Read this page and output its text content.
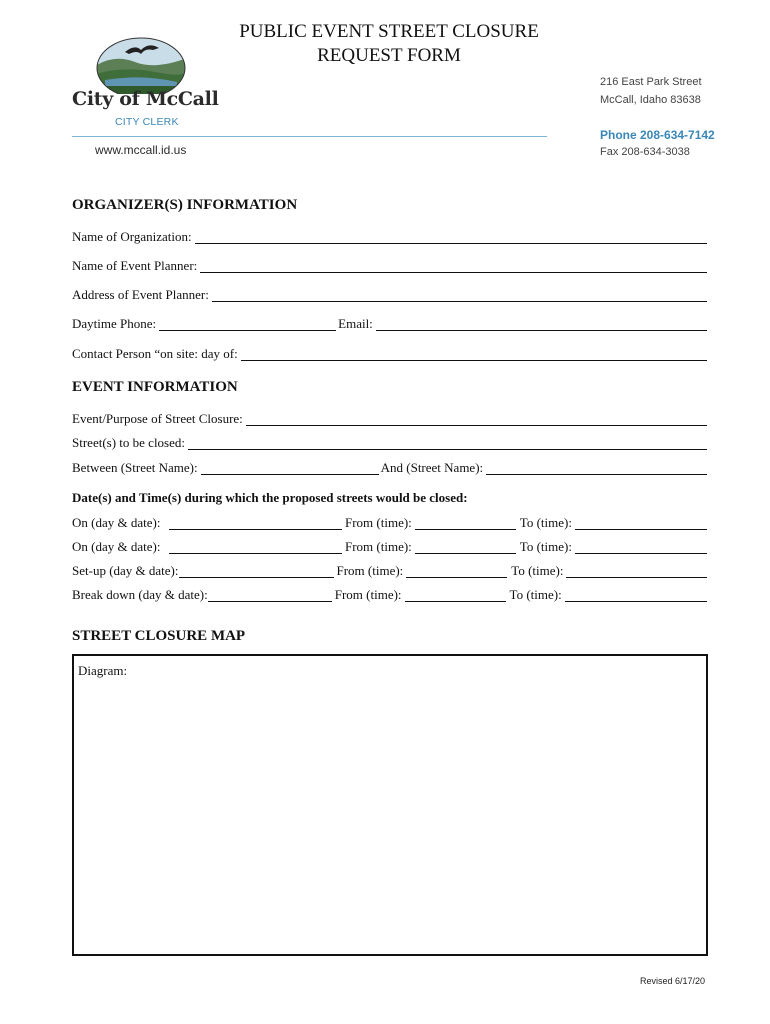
PUBLIC EVENT STREET CLOSURE
REQUEST FORM
City of McCall
CITY CLERK
www.mccall.id.us
216 East Park Street
McCall, Idaho 83638
Phone 208-634-7142
Fax 208-634-3038
ORGANIZER(S) INFORMATION
Name of Organization:
Name of Event Planner:
Address of Event Planner:
Daytime Phone:	Email:
Contact Person “on site: day of:
EVENT INFORMATION
Event/Purpose of Street Closure:
Street(s) to be closed:
Between (Street Name):	And (Street Name):
Date(s) and Time(s) during which the proposed streets would be closed:
On (day & date):	From (time):	To (time):
On (day & date):	From (time):	To (time):
Set-up (day & date):	From (time):	To (time):
Break down (day & date):	From (time):	To (time):
STREET CLOSURE MAP
Diagram:
Revised 6/17/20
